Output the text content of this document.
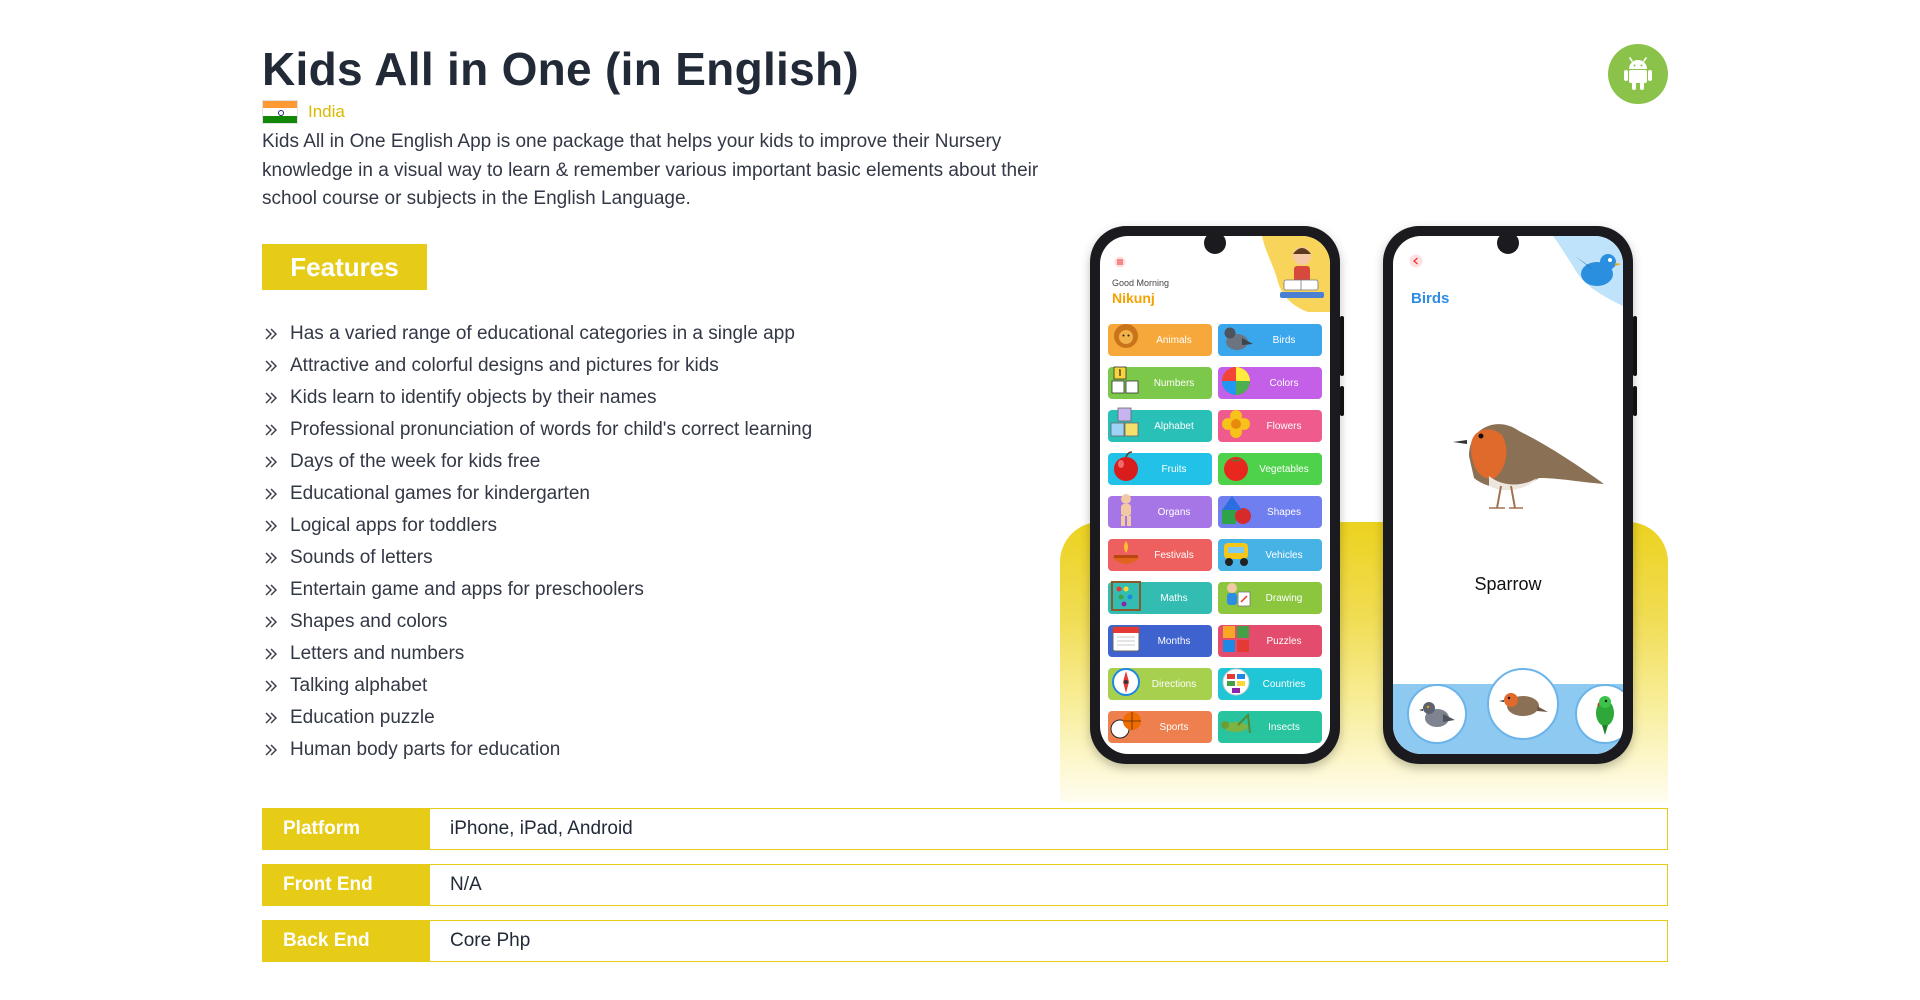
Kids All in One (in English)
India

Kids All in One English App is one package that helps your kids to improve their Nursery knowledge in a visual way to learn & remember various important basic elements about their school course or subjects in the English Language.

Features
Has a varied range of educational categories in a single app
Attractive and colorful designs and pictures for kids
Kids learn to identify objects by their names
Professional pronunciation of words for child's correct learning
Days of the week for kids free
Educational games for kindergarten
Logical apps for toddlers
Sounds of letters
Entertain game and apps for preschoolers
Shapes and colors
Letters and numbers
Talking alphabet
Education puzzle
Human body parts for education
Good Morning
Nikunj
Animals	Birds
Numbers	Colors
Alphabet	Flowers
Fruits	Vegetables
Organs	Shapes
Festivals	Vehicles
Maths	Drawing
Months	Puzzles
Directions	Countries
Sports	Insects
Birds
Sparrow
Platform	iPhone, iPad, Android
Front End	N/A
Back End	Core Php
